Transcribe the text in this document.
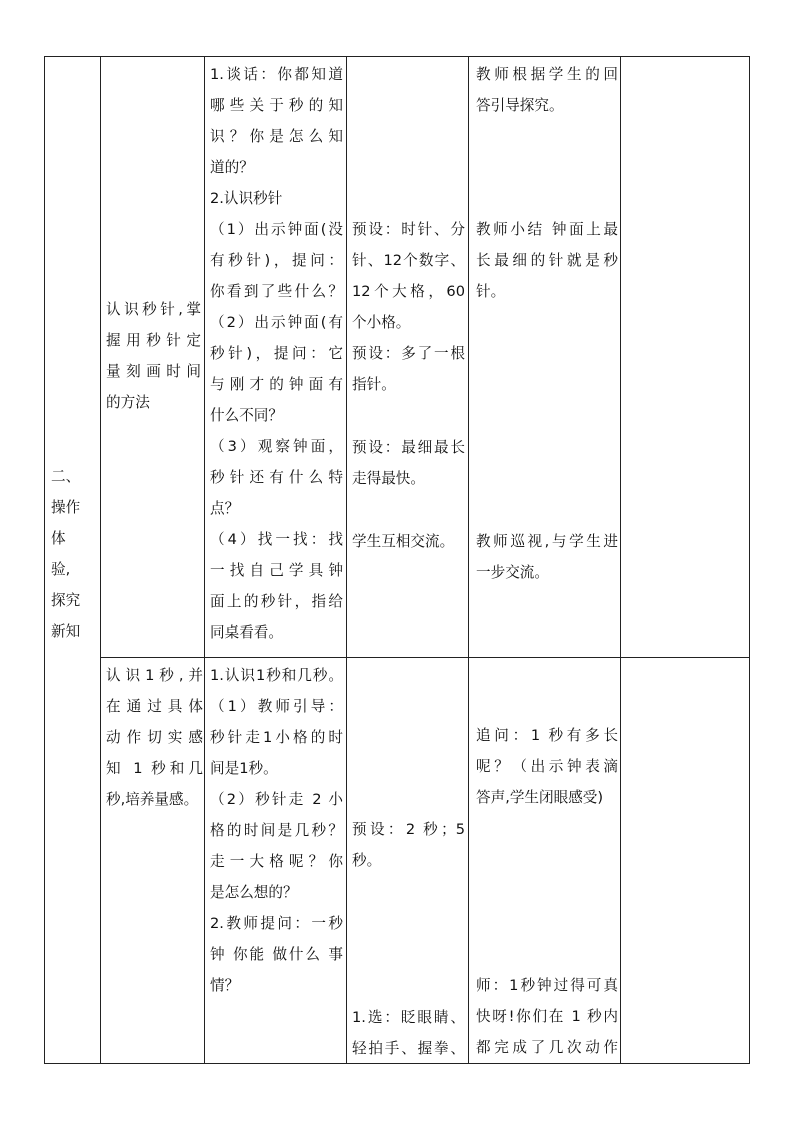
二、
操作
体
验,
探究
新知
认识秒针,掌
握用秒针定
量刻画时间
的方法
1.谈话：你都知道
哪些关于秒的知
识？你是怎么知
道的？
2.认识秒针
（1）出示钟面(没
有秒针)，提问：
你看到了些什么？
（2）出示钟面(有
秒针)，提问：它
与刚才的钟面有
什么不同？
（3）观察钟面，
秒针还有什么特
点？
（4）找一找：找
一找自己学具钟
面上的秒针，指给
同桌看看。
预设：时针、分
针、12个数字、
12个大格，60
个小格。
预设：多了一根
指针。
预设：最细最长
走得最快。
学生互相交流。
教师根据学生的回
答引导探究。
教师小结 钟面上最
长最细的针就是秒
针。
教师巡视,与学生进
一步交流。
认识1秒,并
在通过具体
动作切实感
知 1 秒和几
秒,培养量感。
1.认识1秒和几秒。
（1）教师引导：
秒针走1小格的时
间是1秒。
（2）秒针走 2 小
格的时间是几秒？
走一大格呢？你
是怎么想的？
2.教师提问：一秒
钟 你能 做什么 事
情？
预设：2 秒；5
秒。
1.选：眨眼睛、
轻拍手、握拳、
追问：1 秒有多长
呢？（出示钟表滴
答声,学生闭眼感受)
师：1秒钟过得可真
快呀!你们在 1 秒内
都完成了几次动作
